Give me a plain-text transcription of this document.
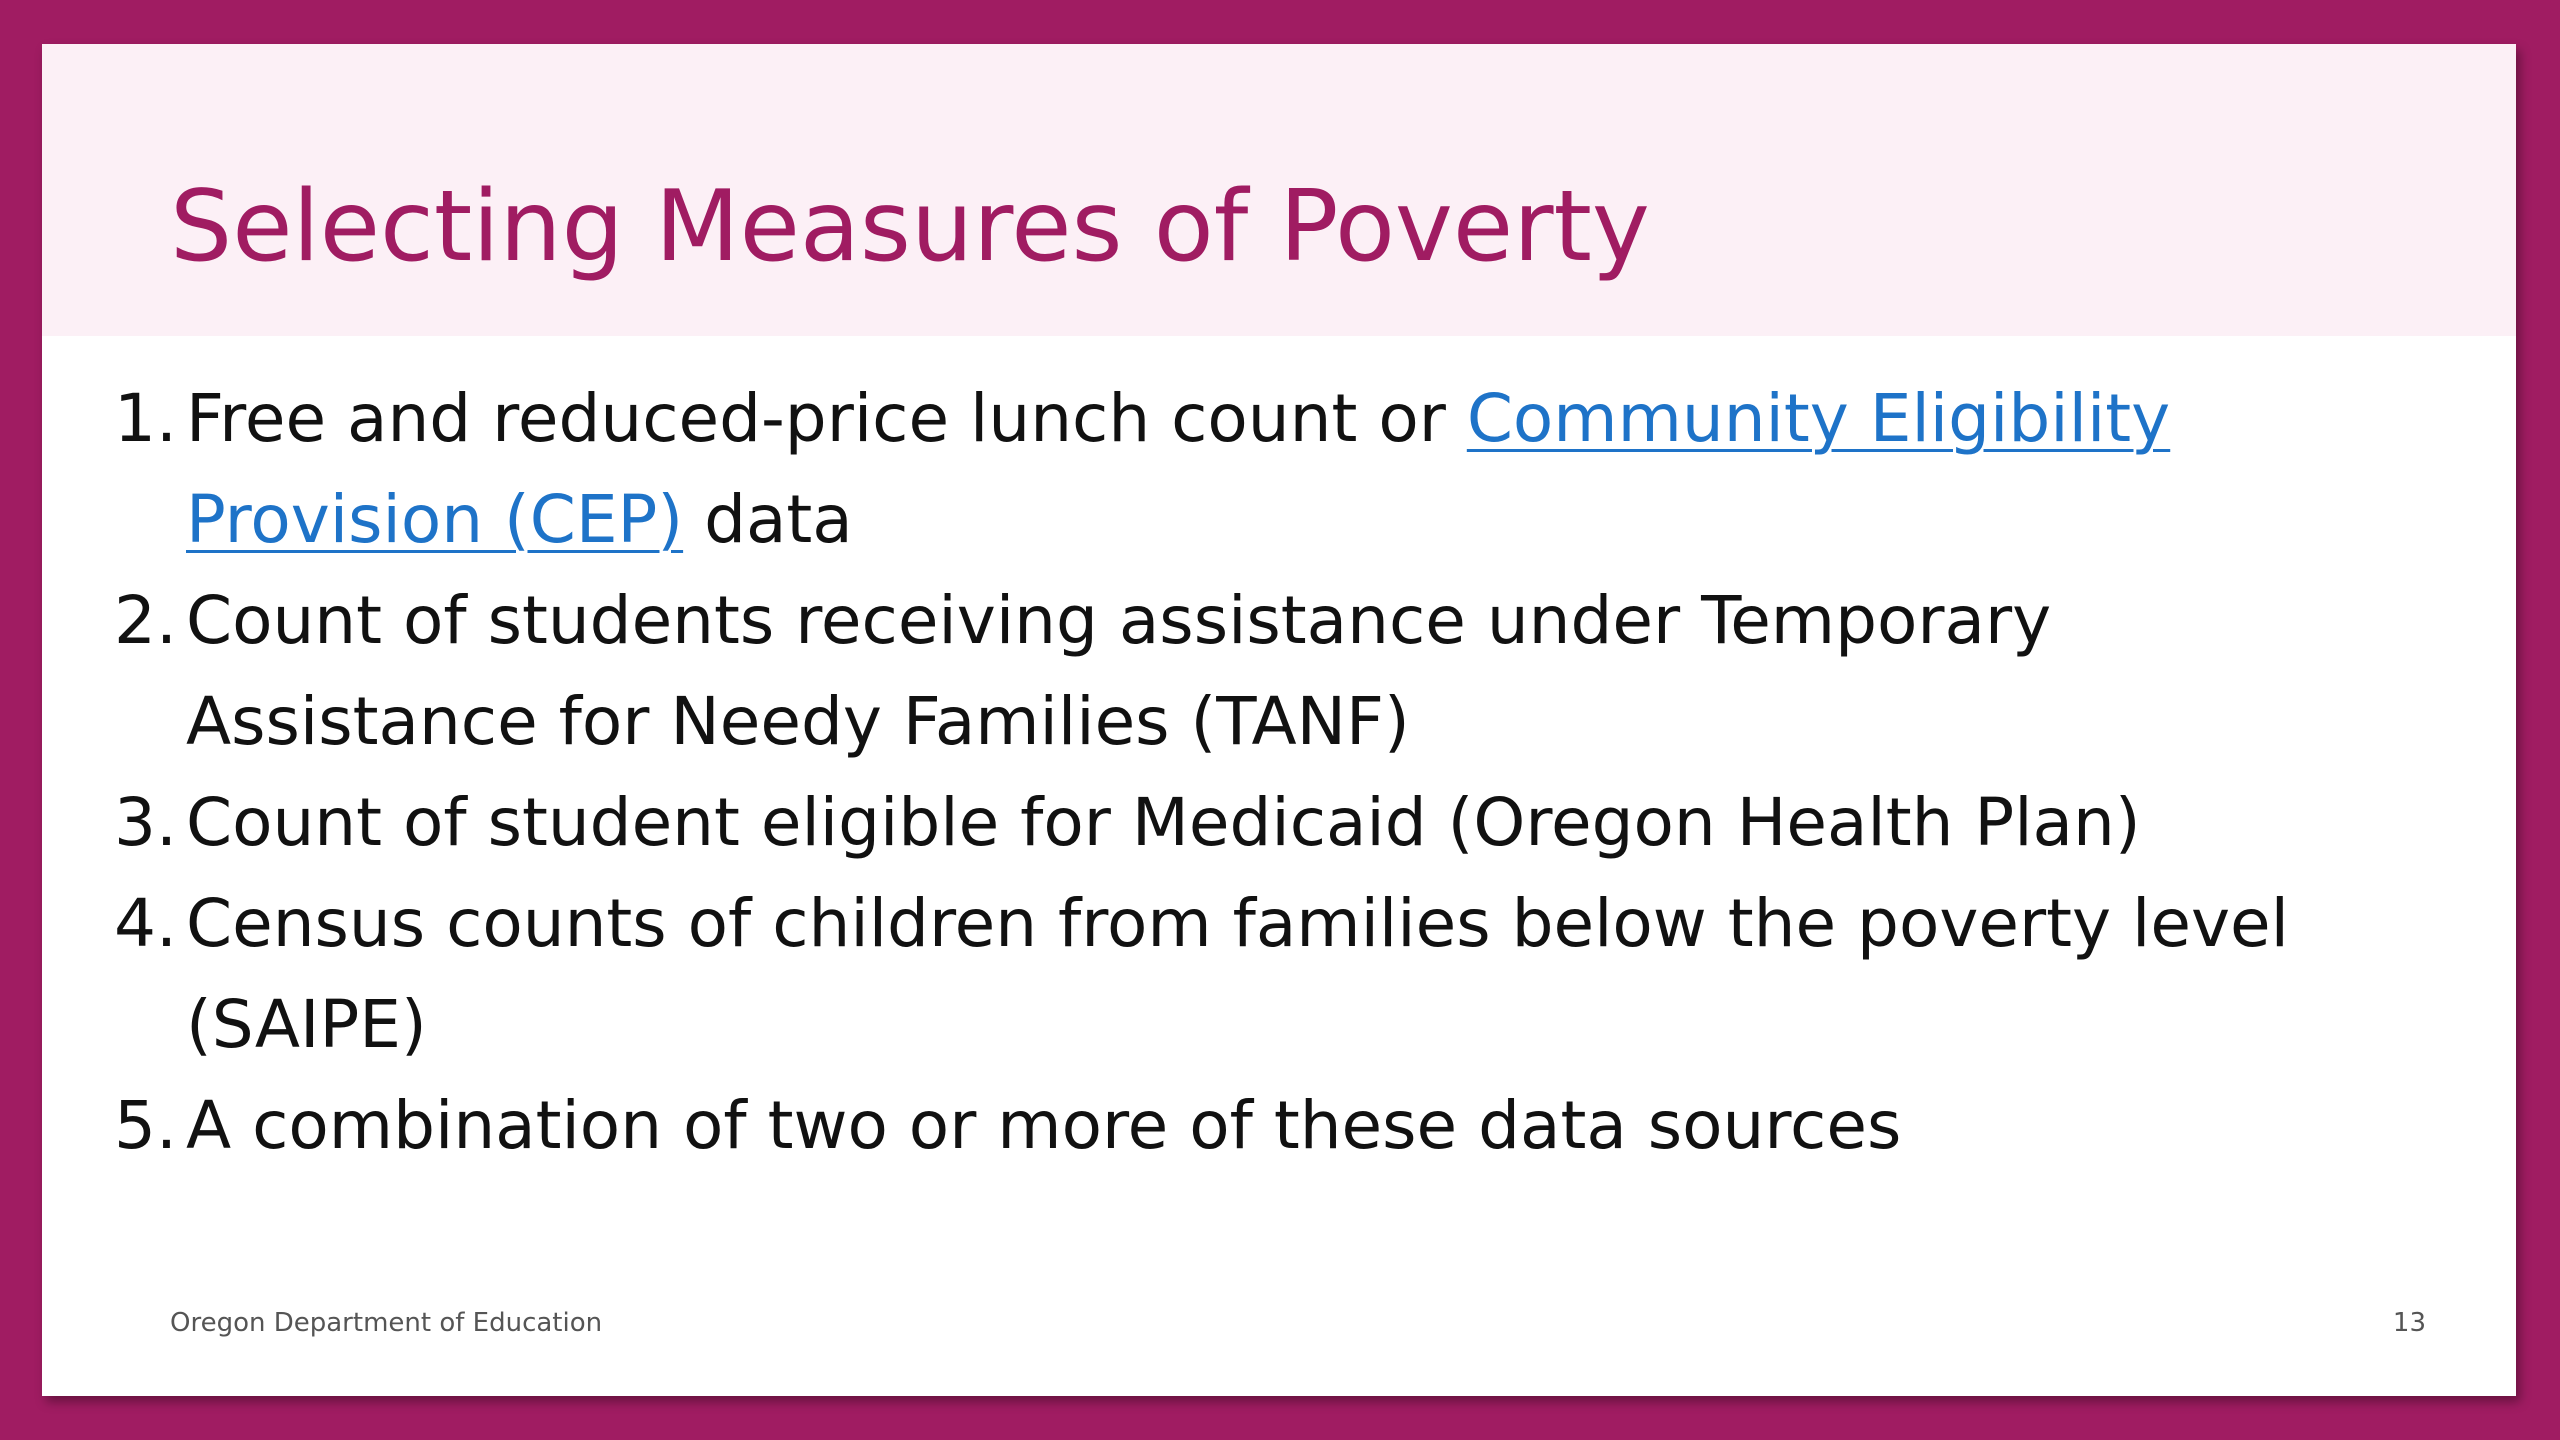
Selecting Measures of Poverty
1. Free and reduced-price lunch count or Community Eligibility Provision (CEP) data
2. Count of students receiving assistance under Temporary Assistance for Needy Families (TANF)
3. Count of student eligible for Medicaid (Oregon Health Plan)
4. Census counts of children from families below the poverty level (SAIPE)
5. A combination of two or more of these data sources
Oregon Department of Education	13
